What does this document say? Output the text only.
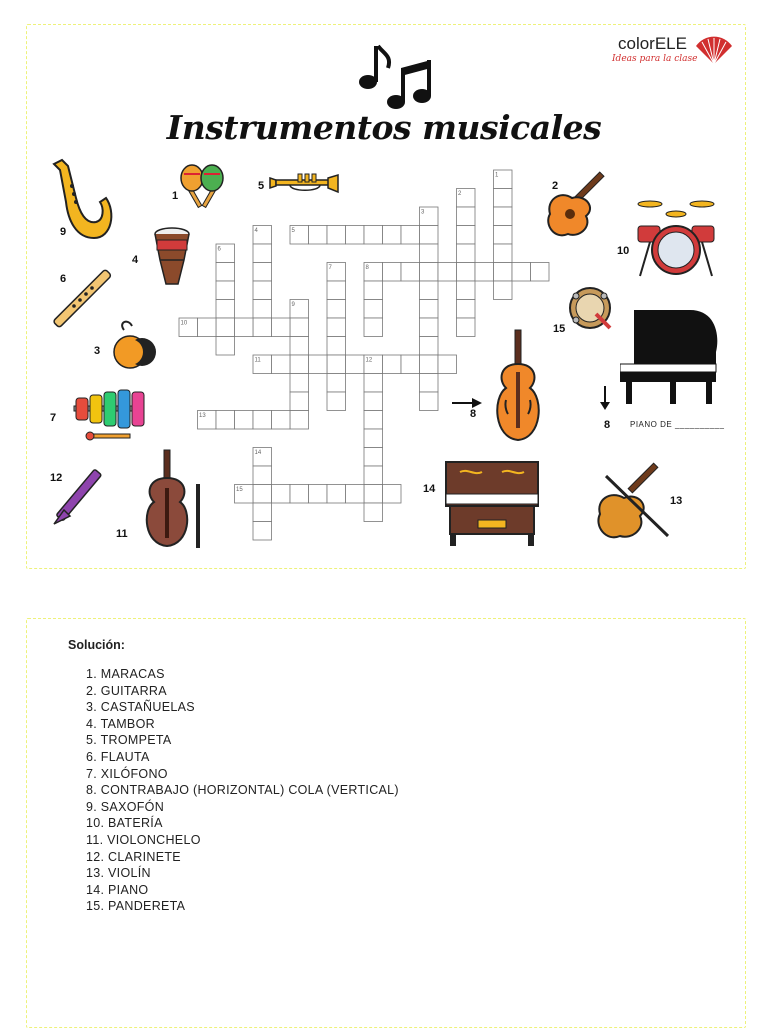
Instrumentos musicales
colorELE
Ideas para la clase
1
2
3
4	5
6
7	8
9
10
11	12
13
14
15
1
2
3
4
5
6
7	8
8
9
10
11
12
13
14
15
PIANO DE __________
Solución:
1. MARACAS
2. GUITARRA
3. CASTAÑUELAS
4. TAMBOR
5. TROMPETA
6. FLAUTA
7. XILÓFONO
8. CONTRABAJO (HORIZONTAL) COLA (VERTICAL)
9. SAXOFÓN
10. BATERÍA
11. VIOLONCHELO
12. CLARINETE
13. VIOLÍN
14. PIANO
15. PANDERETA
